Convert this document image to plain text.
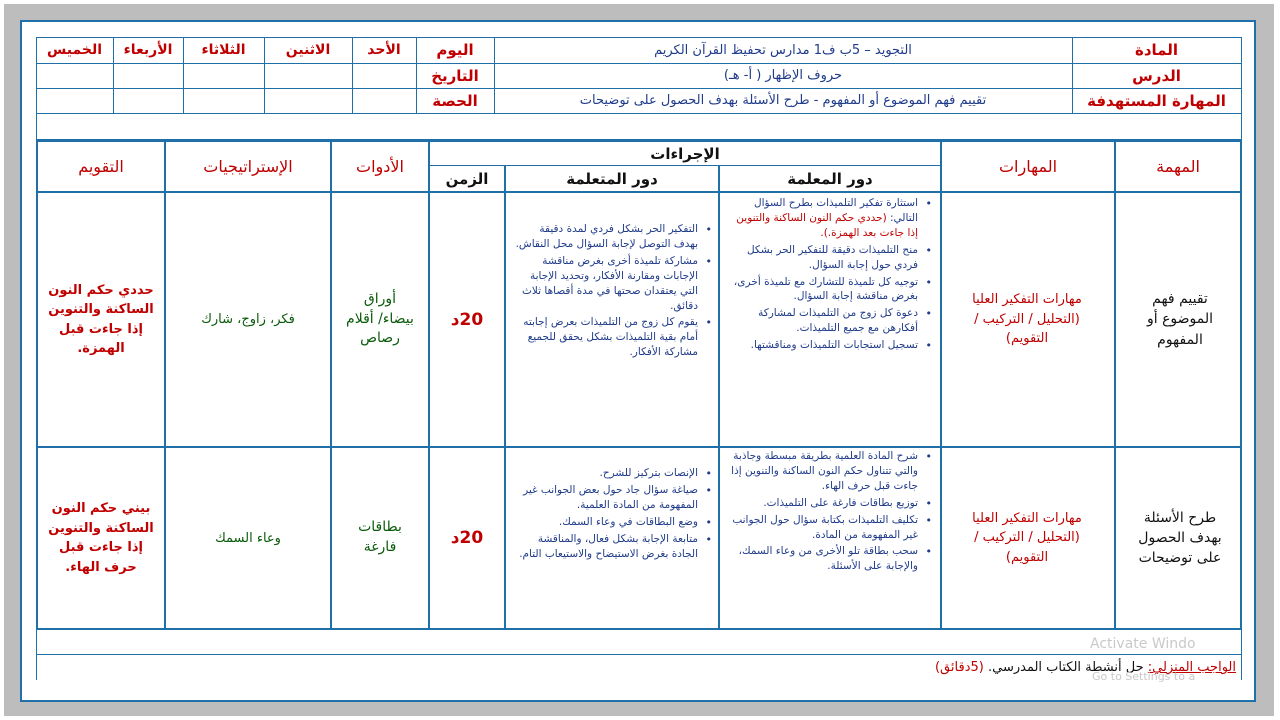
المادة
التجويد – 5ب ف1 مدارس تحفيظ القرآن الكريم
اليوم
الأحد
الاثنين
الثلاثاء
الأربعاء
الخميس
الدرس
حروف الإظهار ( أ- هـ)
التاريخ
المهارة المستهدفة
تقييم فهم الموضوع أو المفهوم - طرح الأسئلة بهدف الحصول على توضيحات
الحصة
المهمة
المهارات
الإجراءات
دور المعلمة
دور المتعلمة
الزمن
الأدوات
الإستراتيجيات
التقويم
تقييم فهم الموضوع أو المفهوم
مهارات التفكير العليا (التحليل / التركيب / التقويم)
• استثارة تفكير التلميذات بطرح السؤال التالي: (حددي حكم النون الساكنة والتنوين إذا جاءت بعد الهمزة.).
• منح التلميذات دقيقة للتفكير الحر بشكل فردي حول إجابة السؤال.
• توجيه كل تلميذة للتشارك مع تلميذة أخرى، بغرض مناقشة إجابة السؤال.
• دعوة كل زوج من التلميذات لمشاركة أفكارهن مع جميع التلميذات.
• تسجيل استجابات التلميذات ومناقشتها.
• التفكير الحر بشكل فردي لمدة دقيقة بهدف التوصل لإجابة السؤال محل النقاش.
• مشاركة تلميذة أخرى بغرض مناقشة الإجابات ومقارنة الأفكار، وتحديد الإجابة التي يعتقدان صحتها في مدة أقصاها ثلاث دقائق.
• يقوم كل زوج من التلميذات بعرض إجابته أمام بقية التلميذات بشكل يحقق للجميع مشاركة الأفكار.
20د
أوراق بيضاء/ أقلام رصاص
فكر، زاوج، شارك
حددي حكم النون الساكنة والتنوين إذا جاءت قبل الهمزة.
طرح الأسئلة بهدف الحصول على توضيحات
مهارات التفكير العليا (التحليل / التركيب / التقويم)
• شرح المادة العلمية بطريقة مبسطة وجاذبة والتي تتناول حكم النون الساكنة والتنوين إذا جاءت قبل حرف الهاء.
• توزيع بطاقات فارغة على التلميذات.
• تكليف التلميذات بكتابة سؤال حول الجوانب غير المفهومة من المادة.
• سحب بطاقة تلو الأخرى من وعاء السمك، والإجابة على الأسئلة.
• الإنصات بتركيز للشرح.
• صياغة سؤال جاد حول بعض الجوانب غير المفهومة من المادة العلمية.
• وضع البطاقات في وعاء السمك.
• متابعة الإجابة بشكل فعال، والمناقشة الجادة بغرض الاستيضاح والاستيعاب التام.
20د
بطاقات فارغة
وعاء السمك
بيني حكم النون الساكنة والتنوين إذا جاءت قبل حرف الهاء.
الواجب المنزلي: حل أنشطة الكتاب المدرسي. (5دقائق)
Activate Windo
Go to Settings to a
